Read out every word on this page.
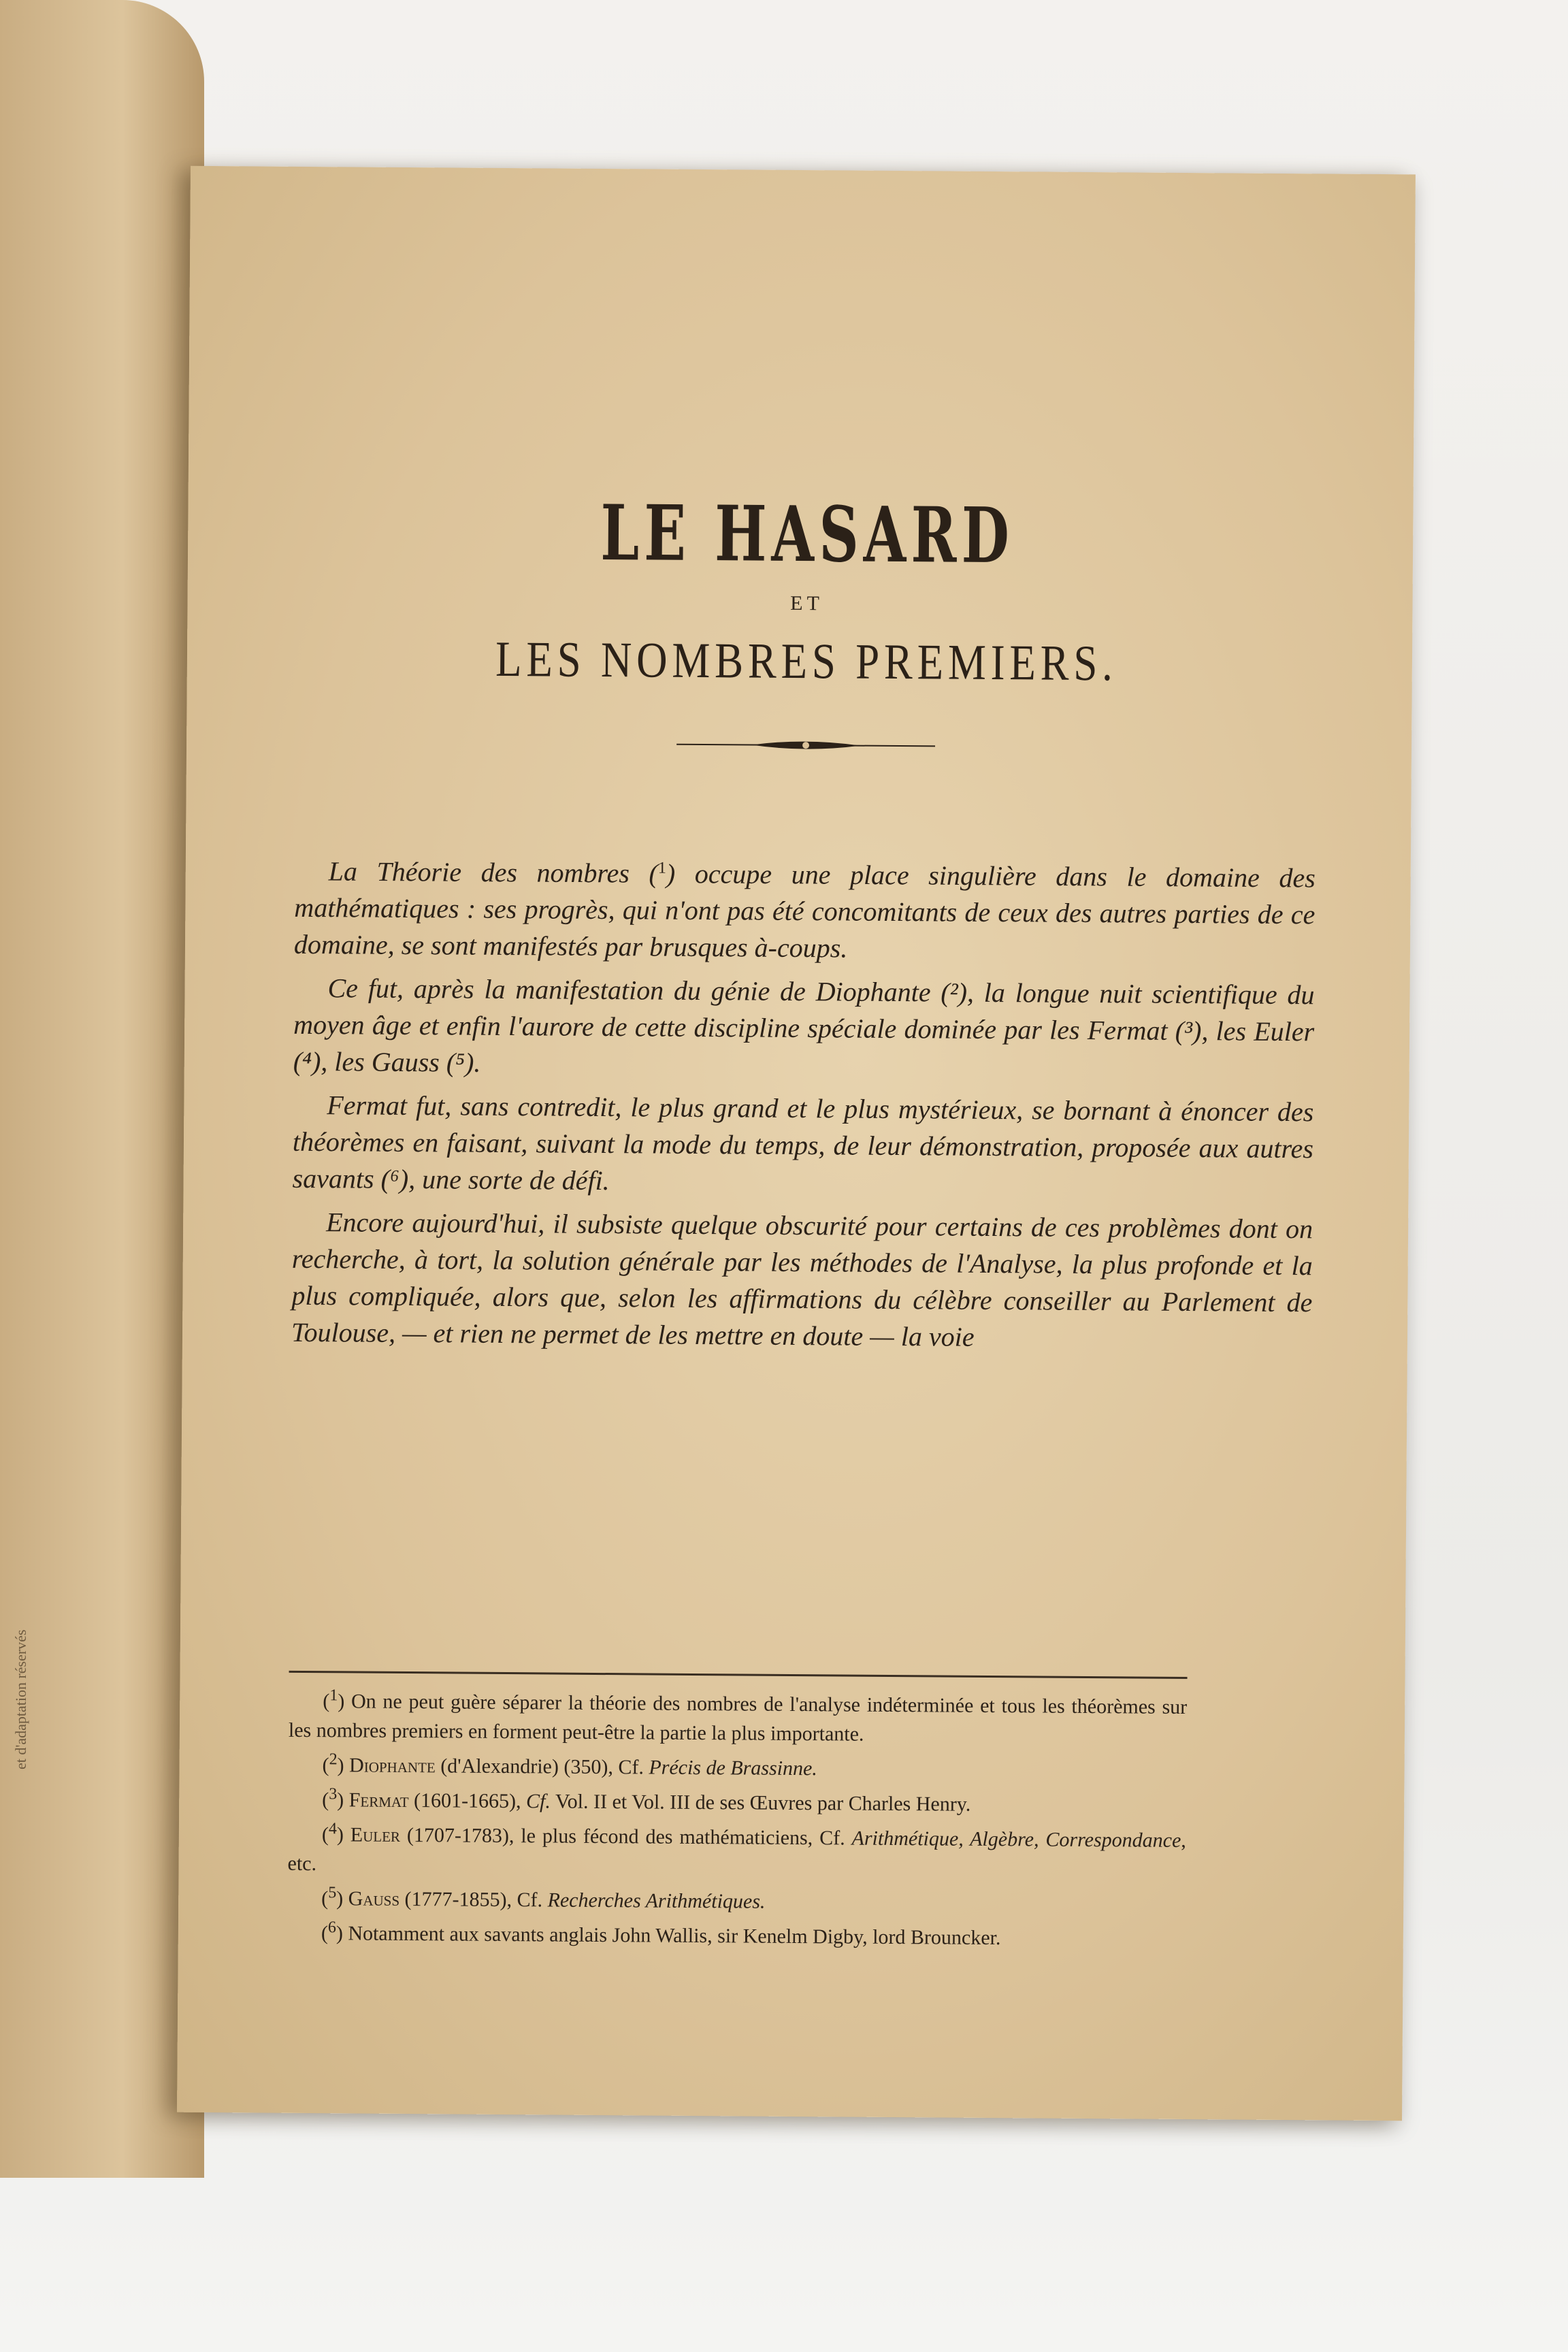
et d'adaptation réservés
LE HASARD
ET
LES NOMBRES PREMIERS.

La Théorie des nombres ($^1$) occupe une place singulière dans le domaine des mathématiques : ses progrès, qui n'ont pas été concomitants de ceux des autres parties de ce domaine, se sont manifestés par brusques à-coups.

Ce fut, après la manifestation du génie de Diophante (²), la longue nuit scientifique du moyen âge et enfin l'aurore de cette discipline spéciale dominée par les Fermat (³), les Euler (⁴), les Gauss (⁵).

Fermat fut, sans contredit, le plus grand et le plus mystérieux, se bornant à énoncer des théorèmes en faisant, suivant la mode du temps, de leur démonstration, proposée aux autres savants (⁶), une sorte de défi.

Encore aujourd'hui, il subsiste quelque obscurité pour certains de ces problèmes dont on recherche, à tort, la solution générale par les méthodes de l'Analyse, la plus profonde et la plus compliquée, alors que, selon les affirmations du célèbre conseiller au Parlement de Toulouse, — et rien ne permet de les mettre en doute — la voie

($^1$) On ne peut guère séparer la théorie des nombres de l'analyse indéterminée et tous les théorèmes sur les nombres premiers en forment peut-être la partie la plus importante.

($^2$) Diophante (d'Alexandrie) (350), Cf. Précis de Brassinne.

($^3$) Fermat (1601-1665), Cf. Vol. II et Vol. III de ses Œuvres par Charles Henry.

($^4$) Euler (1707-1783), le plus fécond des mathématiciens, Cf. Arithmétique, Algèbre, Correspondance, etc.

($^5$) Gauss (1777-1855), Cf. Recherches Arithmétiques.

($^6$) Notamment aux savants anglais John Wallis, sir Kenelm Digby, lord Brouncker.
